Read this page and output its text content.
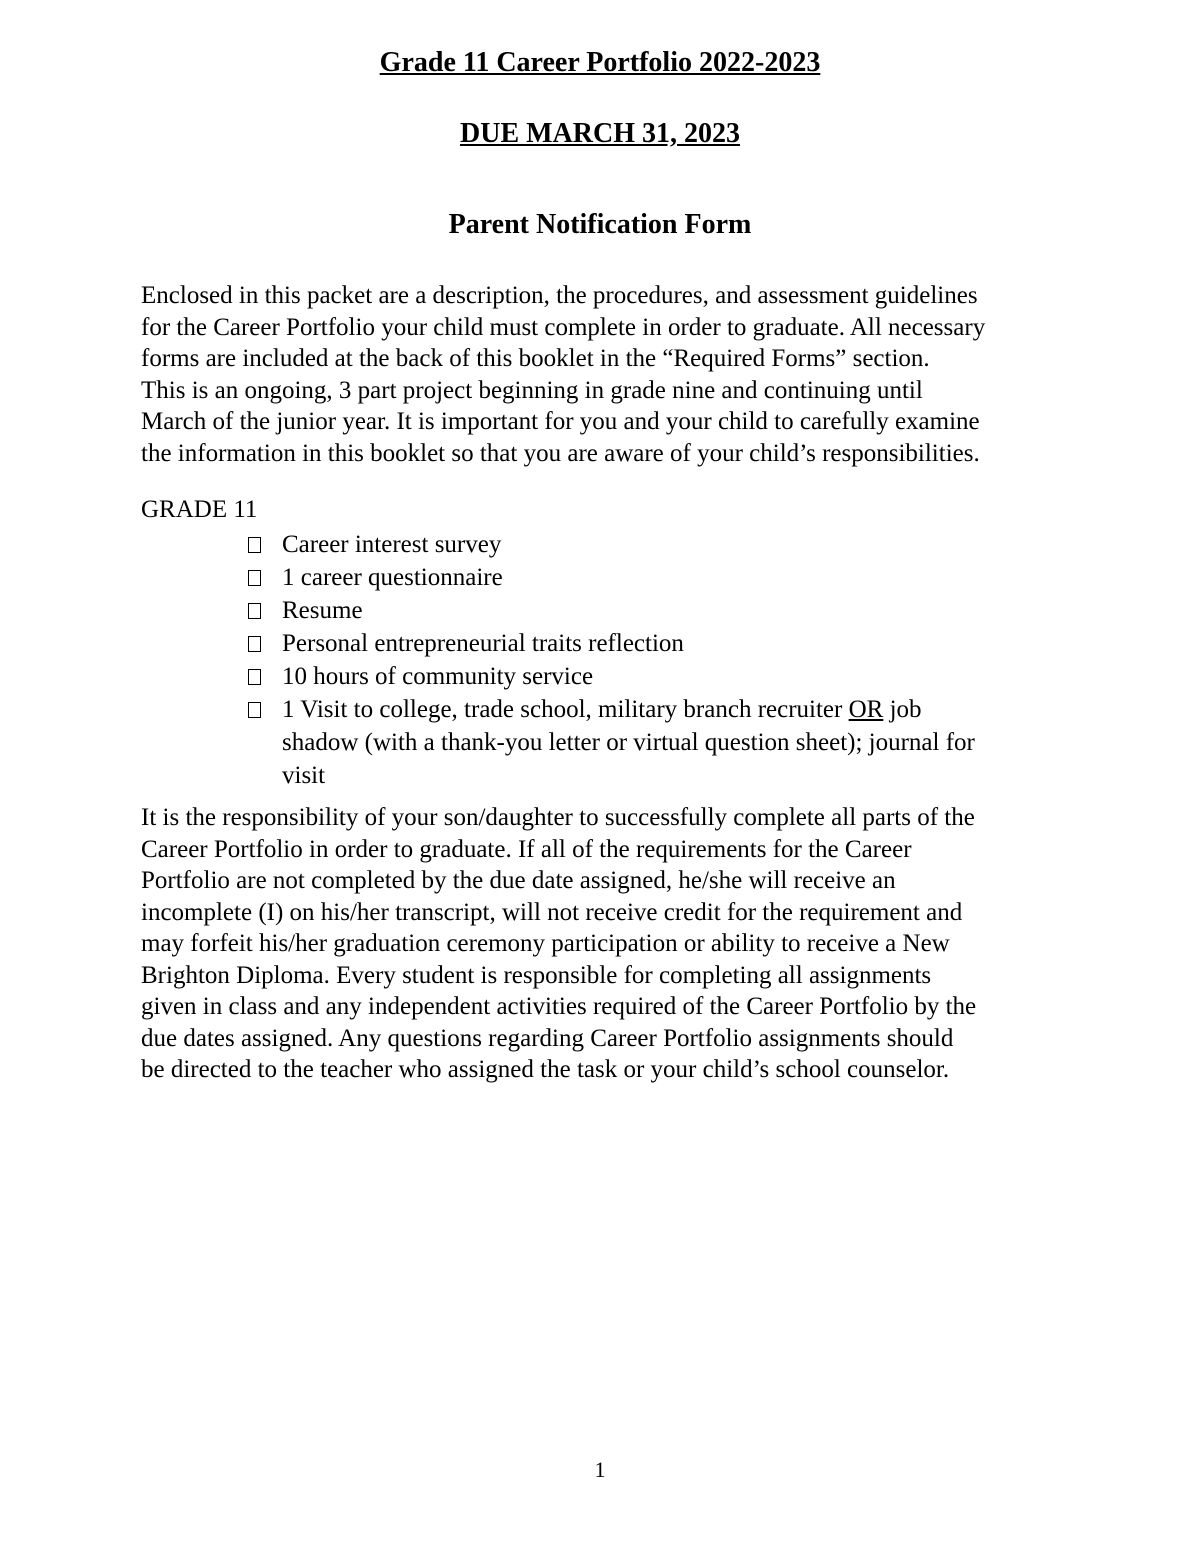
Grade 11 Career Portfolio 2022-2023
DUE MARCH 31, 2023
Parent Notification Form
Enclosed in this packet are a description, the procedures, and assessment guidelines
for the Career Portfolio your child must complete in order to graduate. All necessary
forms are included at the back of this booklet in the “Required Forms” section.
This is an ongoing, 3 part project beginning in grade nine and continuing until
March of the junior year. It is important for you and your child to carefully examine
the information in this booklet so that you are aware of your child’s responsibilities.
GRADE 11
Career interest survey
1 career questionnaire
Resume
Personal entrepreneurial traits reflection
10 hours of community service
1 Visit to college, trade school, military branch recruiter OR job
shadow (with a thank-you letter or virtual question sheet); journal for
visit
It is the responsibility of your son/daughter to successfully complete all parts of the
Career Portfolio in order to graduate. If all of the requirements for the Career
Portfolio are not completed by the due date assigned, he/she will receive an
incomplete (I) on his/her transcript, will not receive credit for the requirement and
may forfeit his/her graduation ceremony participation or ability to receive a New
Brighton Diploma. Every student is responsible for completing all assignments
given in class and any independent activities required of the Career Portfolio by the
due dates assigned. Any questions regarding Career Portfolio assignments should
be directed to the teacher who assigned the task or your child’s school counselor.
1
